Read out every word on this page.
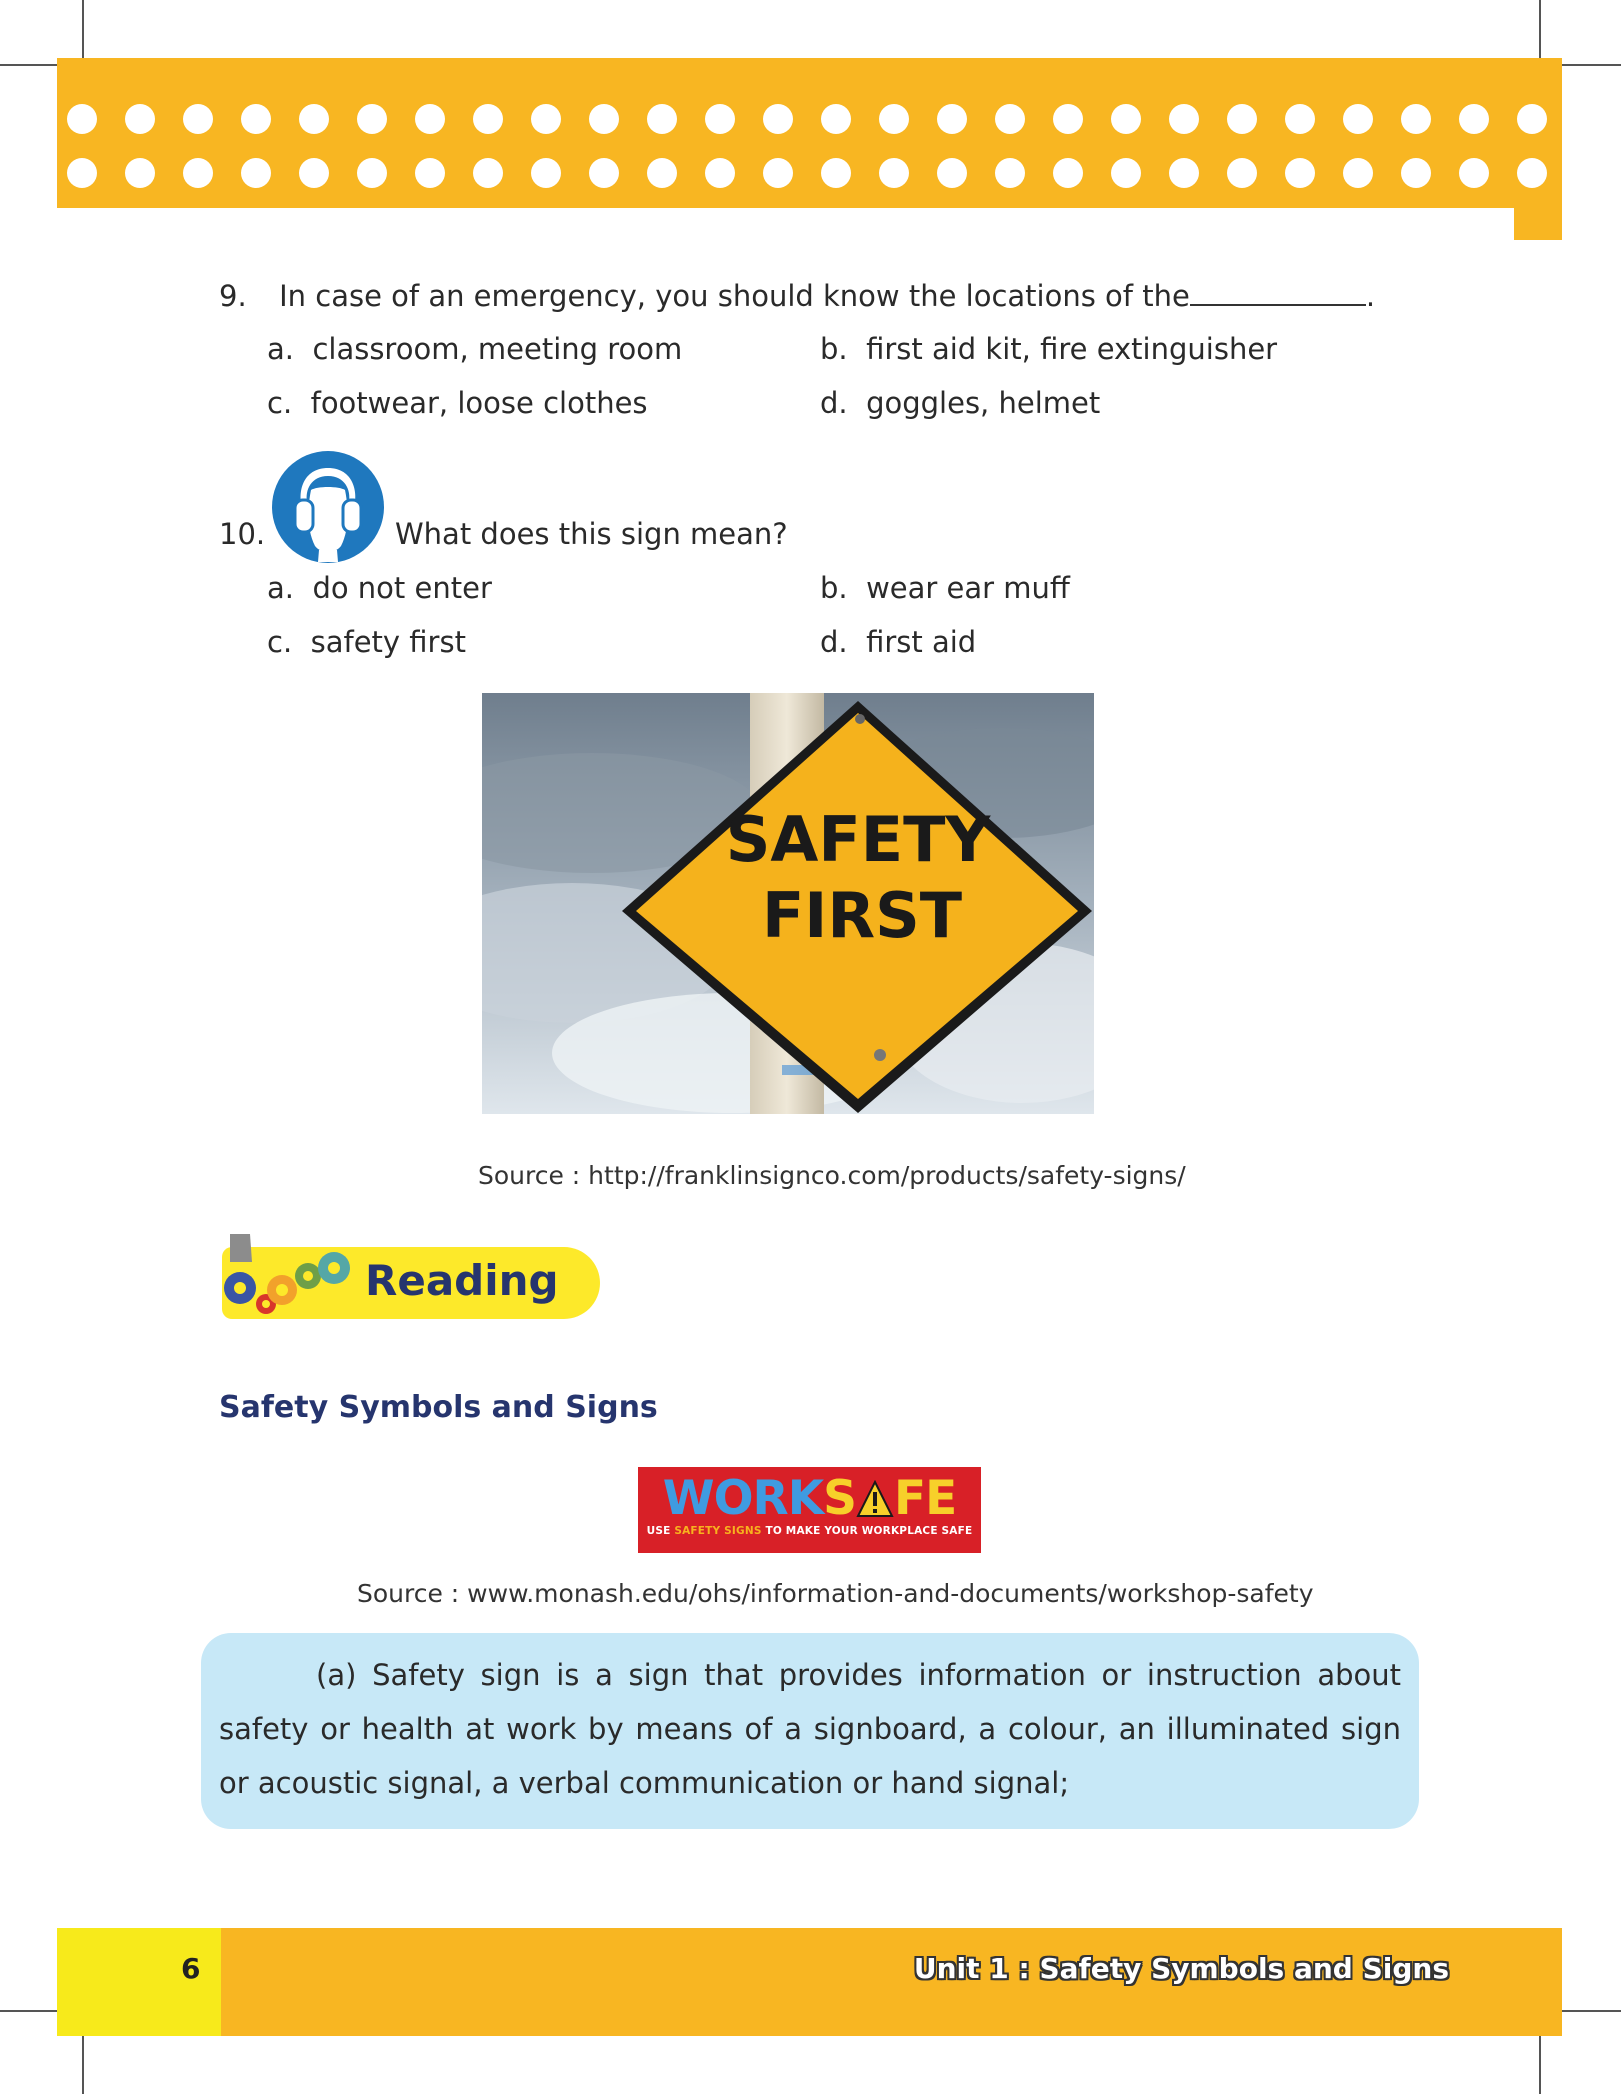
9. In case of an emergency, you should know the locations of the	.
a. classroom, meeting room	b. first aid kit, fire extinguisher
c. footwear, loose clothes	d. goggles, helmet
10.	What does this sign mean?
a. do not enter	b. wear ear muff
c. safety first	d. first aid
SAFETY
FIRST
Source : http://franklinsignco.com/products/safety-signs/
Reading
Safety Symbols and Signs
WORKS FE
USE SAFETY SIGNS TO MAKE YOUR WORKPLACE SAFE
Source : www.monash.edu/ohs/information-and-documents/workshop-safety
(a) Safety sign is a sign that provides information or instruction about safety or health at work by means of a signboard, a colour, an illuminated sign or acoustic signal, a verbal communication or hand signal;
6	Unit 1 : Safety Symbols and Signs
